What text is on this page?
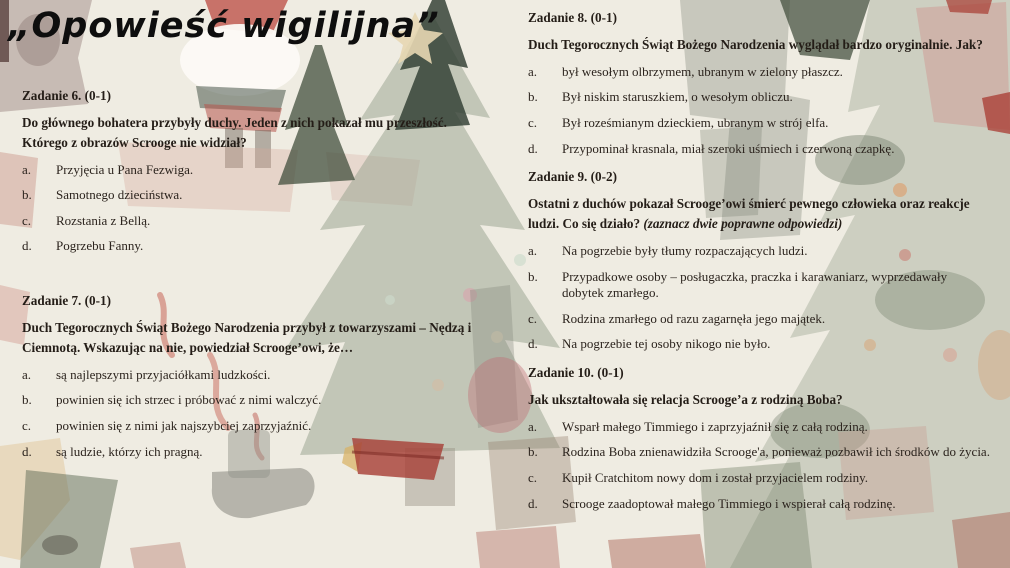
„Opowieść wigilijna”
Zadanie 6. (0-1)

Do głównego bohatera przybyły duchy. Jeden z nich pokazał mu przeszłość. Którego z obrazów Scrooge nie widział?

a.	Przyjęcia u Pana Fezwiga.
b.	Samotnego dzieciństwa.
c.	Rozstania z Bellą.
d.	Pogrzebu Fanny.
Zadanie 7. (0-1)

Duch Tegorocznych Świąt Bożego Narodzenia przybył z towarzyszami – Nędzą i Ciemnotą. Wskazując na nie, powiedział Scrooge’owi, że…

a.	są najlepszymi przyjaciółkami ludzkości.
b.	powinien się ich strzec i próbować z nimi walczyć.
c.	powinien się z nimi jak najszybciej zaprzyjaźnić.
d.	są ludzie, którzy ich pragną.
Zadanie 8. (0-1)

Duch Tegorocznych Świąt Bożego Narodzenia wyglądał bardzo oryginalnie. Jak?

a.	był wesołym olbrzymem, ubranym w zielony płaszcz.
b.	Był niskim staruszkiem, o wesołym obliczu.
c.	Był roześmianym dzieckiem, ubranym w strój elfa.
d.	Przypominał krasnala, miał szeroki uśmiech i czerwoną czapkę.
Zadanie 9. (0-2)

Ostatni z duchów pokazał Scrooge’owi śmierć pewnego człowieka oraz reakcje ludzi. Co się działo? (zaznacz dwie poprawne odpowiedzi)

a.	Na pogrzebie były tłumy rozpaczających ludzi.
b.	Przypadkowe osoby – posługaczka, praczka i karawaniarz, wyprzedawały dobytek zmarłego.
c.	Rodzina zmarłego od razu zagarnęła jego majątek.
d.	Na pogrzebie tej osoby nikogo nie było.
Zadanie 10. (0-1)

Jak ukształtowała się relacja Scrooge’a z rodziną Boba?

a.	Wsparł małego Timmiego i zaprzyjaźnił się z całą rodziną.
b.	Rodzina Boba znienawidziła Scrooge'a, ponieważ pozbawił ich środków do życia.
c.	Kupił Cratchitom nowy dom i został przyjacielem rodziny.
d.	Scrooge zaadoptował małego Timmiego i wspierał całą rodzinę.
